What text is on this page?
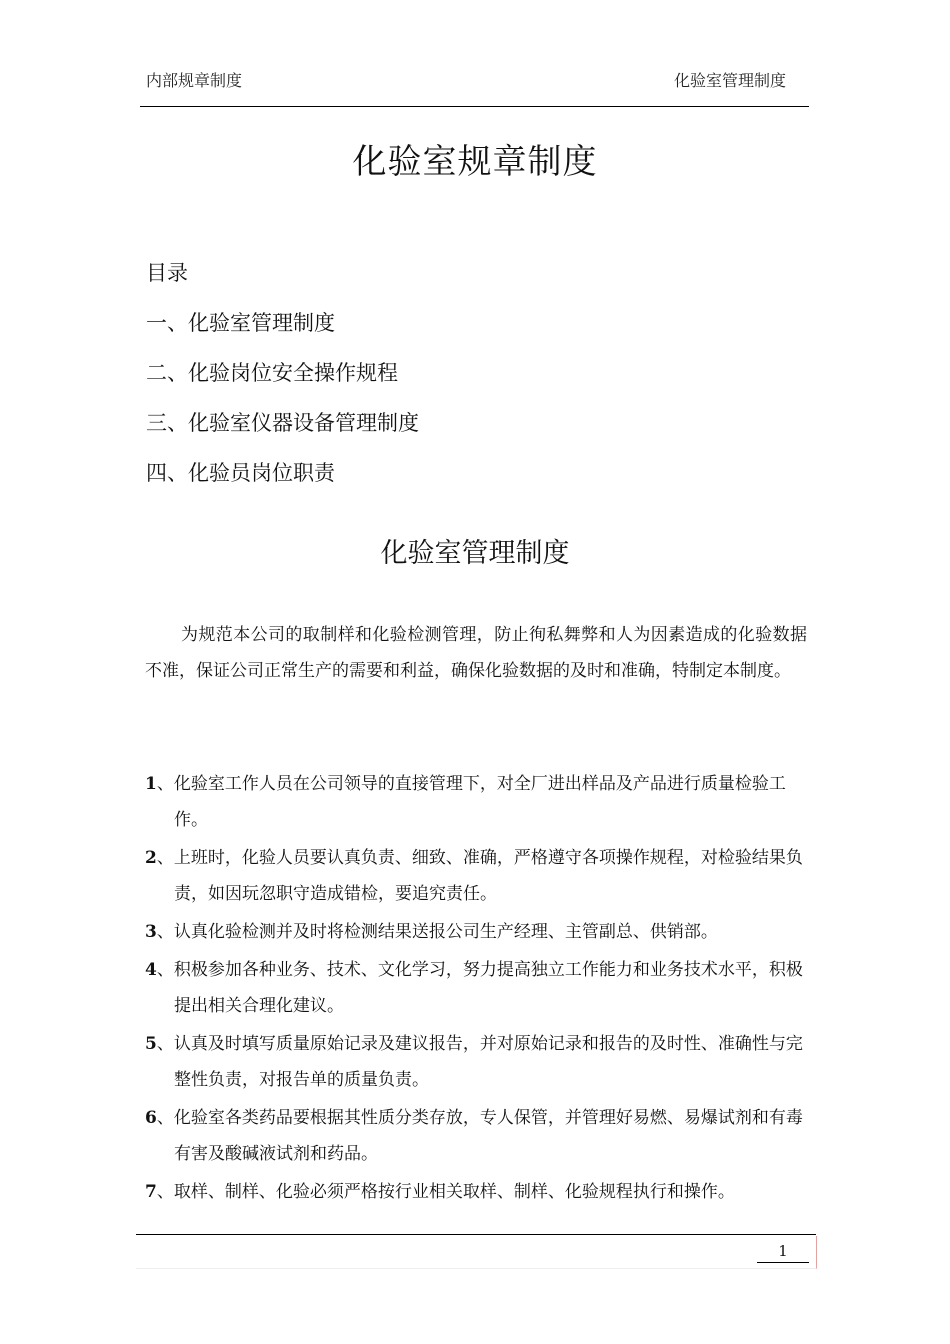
内部规章制度	化验室管理制度
化验室规章制度
目录
一、化验室管理制度
二、化验岗位安全操作规程
三、化验室仪器设备管理制度
四、化验员岗位职责
化验室管理制度

为规范本公司的取制样和化验检测管理，防止徇私舞弊和人为因素造成的化验数据不准，保证公司正常生产的需要和利益，确保化验数据的及时和准确，特制定本制度。

1、化验室工作人员在公司领导的直接管理下，对全厂进出样品及产品进行质量检验工作。
2、上班时，化验人员要认真负责、细致、准确，严格遵守各项操作规程，对检验结果负责，如因玩忽职守造成错检，要追究责任。
3、认真化验检测并及时将检测结果送报公司生产经理、主管副总、供销部。
4、积极参加各种业务、技术、文化学习，努力提高独立工作能力和业务技术水平，积极提出相关合理化建议。
5、认真及时填写质量原始记录及建议报告，并对原始记录和报告的及时性、准确性与完整性负责，对报告单的质量负责。
6、化验室各类药品要根据其性质分类存放，专人保管，并管理好易燃、易爆试剂和有毒有害及酸碱液试剂和药品。
7、取样、制样、化验必须严格按行业相关取样、制样、化验规程执行和操作。
1
